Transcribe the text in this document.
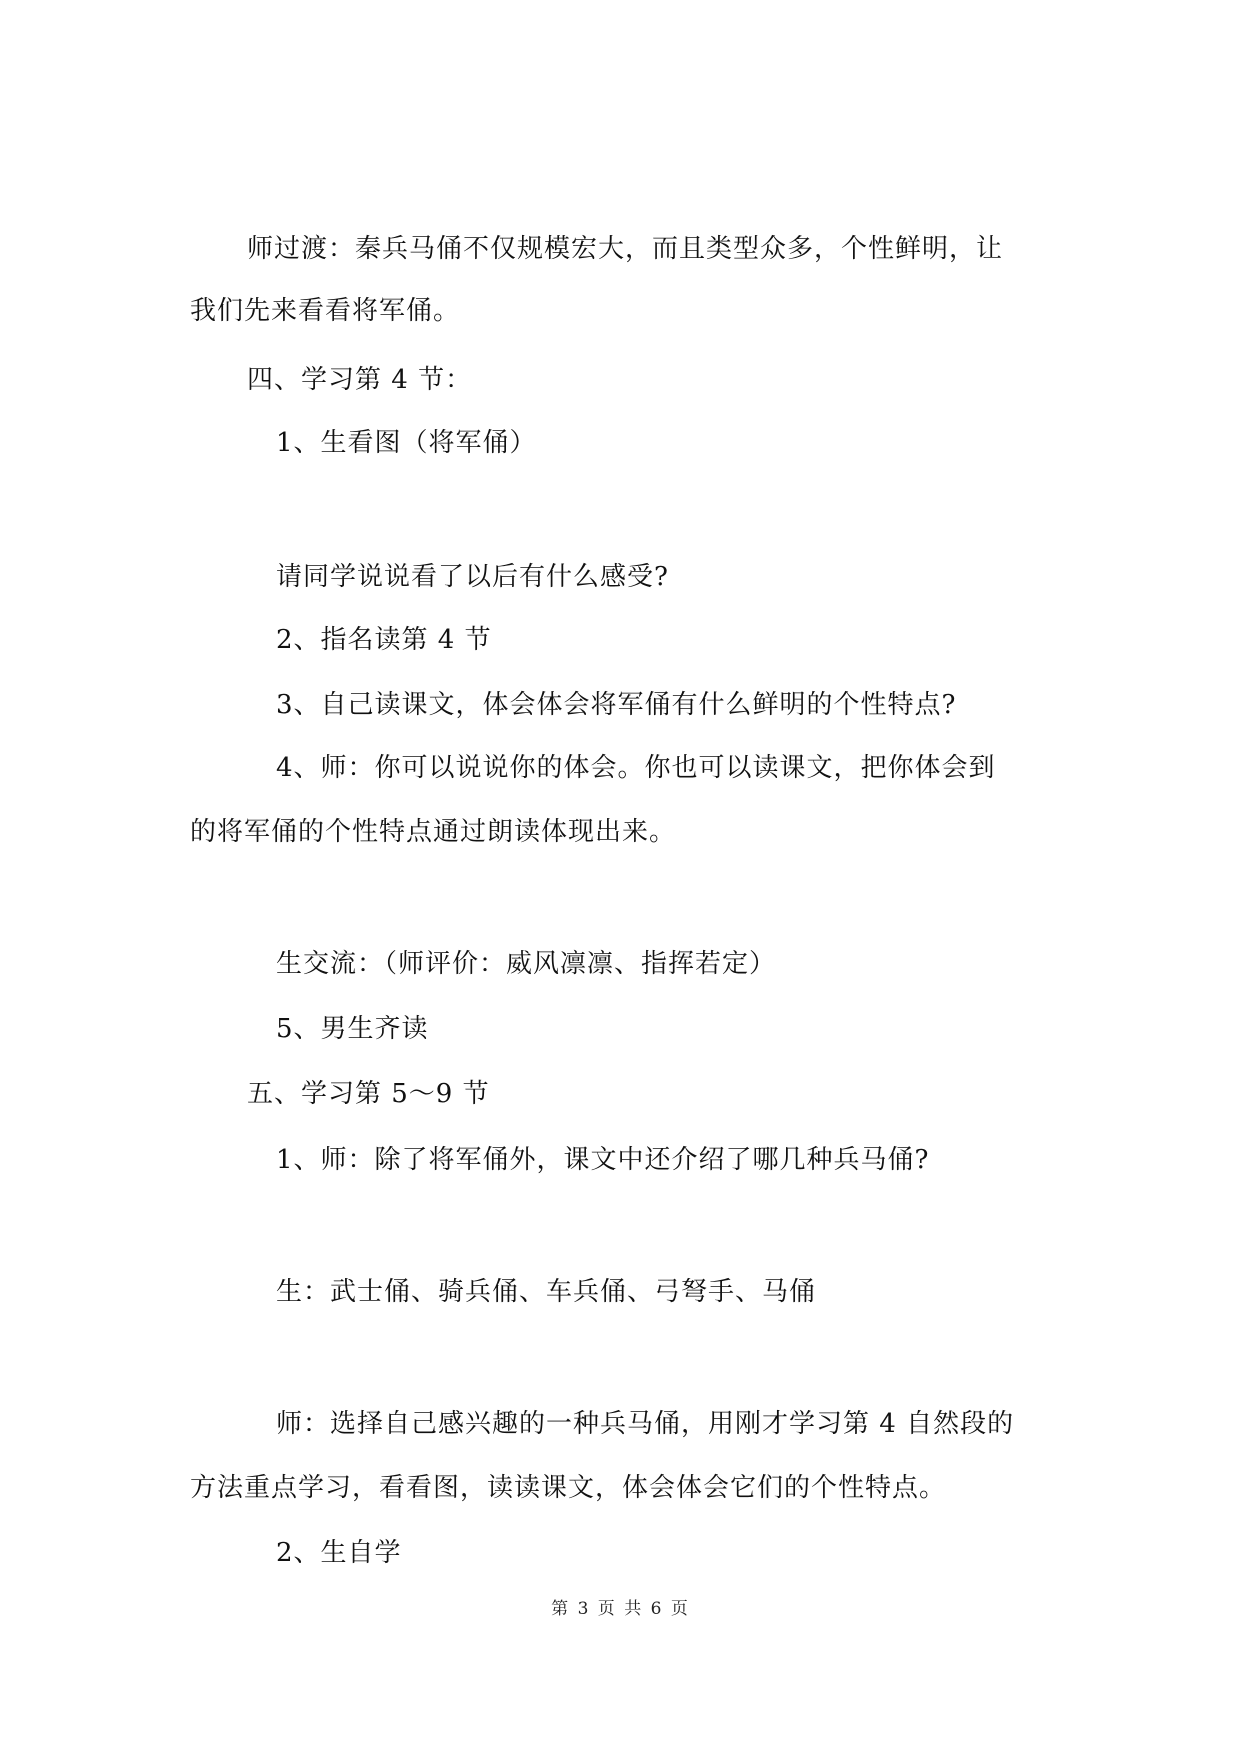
师过渡：秦兵马俑不仅规模宏大，而且类型众多，个性鲜明，让

我们先来看看将军俑。

四、学习第 4 节：

1、生看图（将军俑）

请同学说说看了以后有什么感受?

2、指名读第 4 节

3、自己读课文，体会体会将军俑有什么鲜明的个性特点?

4、师：你可以说说你的体会。你也可以读课文，把你体会到

的将军俑的个性特点通过朗读体现出来。

生交流：（师评价：威风凛凛、指挥若定）

5、男生齐读

五、学习第 5～9 节

1、师：除了将军俑外，课文中还介绍了哪几种兵马俑?

生：武士俑、骑兵俑、车兵俑、弓弩手、马俑

师：选择自己感兴趣的一种兵马俑，用刚才学习第 4 自然段的

方法重点学习，看看图，读读课文，体会体会它们的个性特点。

2、生自学

第 3 页 共 6 页
